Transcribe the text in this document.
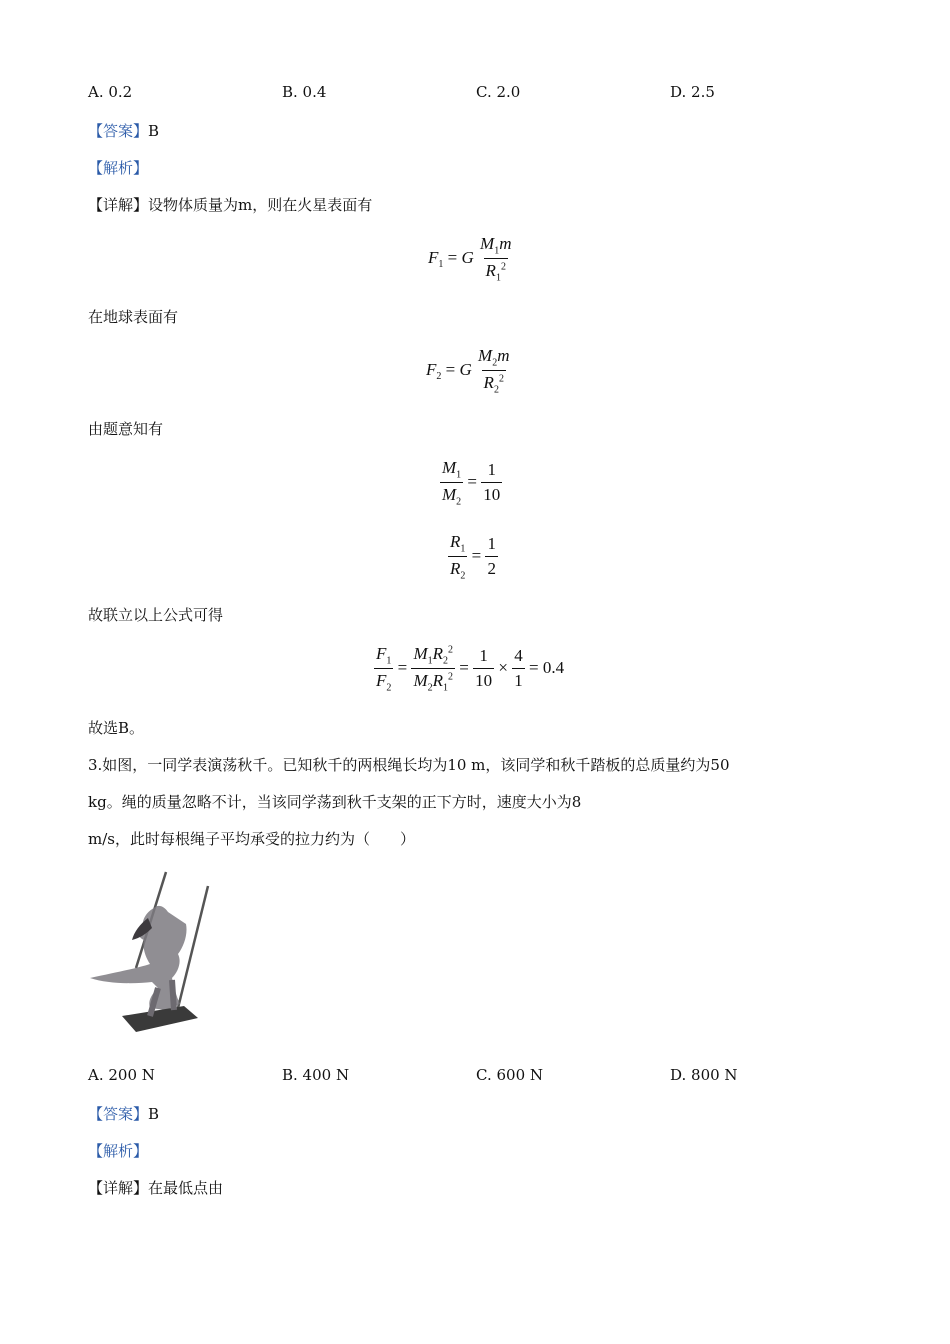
A. 0.2	B. 0.4	C. 2.0	D. 2.5
【答案】B
【解析】
【详解】设物体质量为m，则在火星表面有
$F_1 = G \frac{M_1m}{R_1^2}$
在地球表面有
$F_2 = G \frac{M_2m}{R_2^2}$
由题意知有
$\frac{M_1}{M_2} = \frac{1}{10}$
$\frac{R_1}{R_2} = \frac{1}{2}$
故联立以上公式可得
$\frac{F_1}{F_2} = \frac{M_1R_2^2}{M_2R_1^2} = \frac{1}{10} \times \frac{4}{1} = 0.4$
故选B。
3.如图，一同学表演荡秋千。已知秋千的两根绳长均为10 m，该同学和秋千踏板的总质量约为50
kg。绳的质量忽略不计，当该同学荡到秋千支架的正下方时，速度大小为8
m/s，此时每根绳子平均承受的拉力约为（　　）
A. 200 N	B. 400 N	C. 600 N	D. 800 N
【答案】B
【解析】
【详解】在最低点由
